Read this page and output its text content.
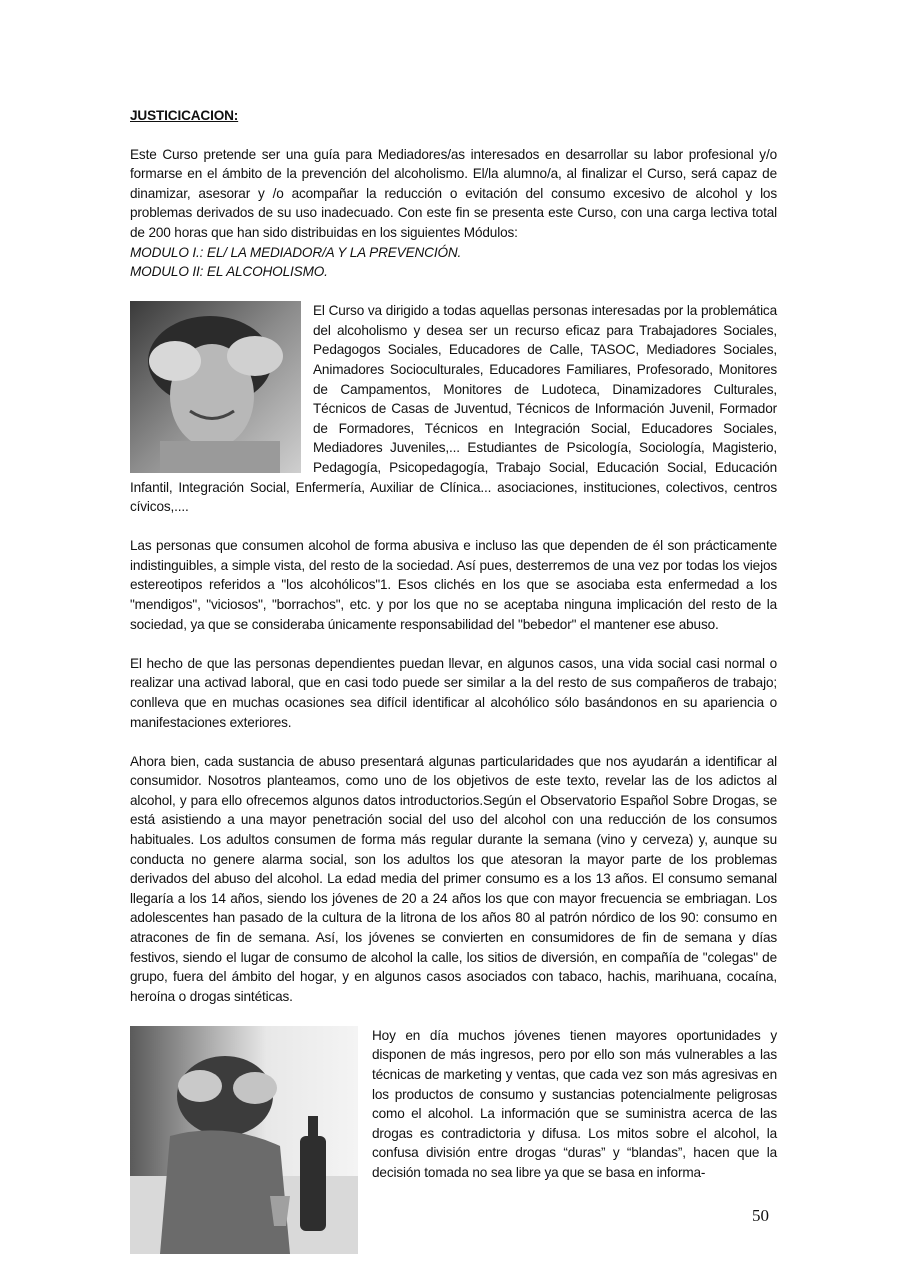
JUSTICICACION:

Este Curso pretende ser una guía para Mediadores/as interesados en desarrollar su labor profesional y/o formarse en el ámbito de la prevención del alcoholismo. El/la alumno/a, al finalizar el Curso, será capaz de dinamizar, asesorar y /o acompañar la reducción o evitación del consumo excesivo de alcohol y los problemas derivados de su uso inadecuado. Con este fin se presenta este Curso, con una carga lectiva total de 200 horas que han sido distribuidas en los siguientes Módulos:

MODULO I.: EL/ LA MEDIADOR/A Y LA PREVENCIÓN.
MODULO II: EL ALCOHOLISMO.
El Curso va dirigido a todas aquellas personas interesadas por la problemática del alcoholismo y desea ser un recurso eficaz para Trabajadores Sociales, Pedagogos Sociales, Educadores de Calle, TASOC, Mediadores Sociales, Animadores Socioculturales, Educadores Familiares, Profesorado, Monitores de Campamentos, Monitores de Ludoteca, Dinamizadores Culturales, Técnicos de Casas de Juventud, Técnicos de Información Juvenil, Formador de Formadores, Técnicos en Integración Social, Educadores Sociales, Mediadores Juveniles,... Estudiantes de Psicología, Sociología, Magisterio, Pedagogía, Psicopedagogía, Trabajo Social, Educación Social, Educación Infantil, Integración Social, Enfermería, Auxiliar de Clínica... asociaciones, instituciones, colectivos, centros cívicos,....

Las personas que consumen alcohol de forma abusiva e incluso las que dependen de él son prácticamente indistinguibles, a simple vista, del resto de la sociedad. Así pues, desterremos de una vez por todas los viejos estereotipos referidos a "los alcohólicos"1. Esos clichés en los que se asociaba esta enfermedad a los "mendigos", "viciosos", "borrachos", etc. y por los que no se aceptaba ninguna implicación del resto de la sociedad, ya que se consideraba únicamente responsabilidad del "bebedor" el mantener ese abuso.

El hecho de que las personas dependientes puedan llevar, en algunos casos, una vida social casi normal o realizar una activad laboral, que en casi todo puede ser similar a la del resto de sus compañeros de trabajo; conlleva que en muchas ocasiones sea difícil identificar al alcohólico sólo basándonos en su apariencia o manifestaciones exteriores.

Ahora bien, cada sustancia de abuso presentará algunas particularidades que nos ayudarán a identificar al consumidor. Nosotros planteamos, como uno de los objetivos de este texto, revelar las de los adictos al alcohol, y para ello ofrecemos algunos datos introductorios.Según el Observatorio Español Sobre Drogas, se está asistiendo a una mayor penetración social del uso del alcohol con una reducción de los consumos habituales. Los adultos consumen de forma más regular durante la semana (vino y cerveza) y, aunque su conducta no genere alarma social, son los adultos los que atesoran la mayor parte de los problemas derivados del abuso del alcohol. La edad media del primer consumo es a los 13 años. El consumo semanal llegaría a los 14 años, siendo los jóvenes de 20 a 24 años los que con mayor frecuencia se embriagan. Los adolescentes han pasado de la cultura de la litrona de los años 80 al patrón nórdico de los 90: consumo en atracones de fin de semana. Así, los jóvenes se convierten en consumidores de fin de semana y días festivos, siendo el lugar de consumo de alcohol la calle, los sitios de diversión, en compañía de "colegas" de grupo, fuera del ámbito del hogar, y en algunos casos asociados con tabaco, hachis, marihuana, cocaína, heroína o drogas sintéticas.

Hoy en día muchos jóvenes tienen mayores oportunidades y disponen de más ingresos, pero por ello son más vulnerables a las técnicas de marketing y ventas, que cada vez son más agresivas en los productos de consumo y sustancias potencialmente peligrosas como el alcohol. La información que se suministra acerca de las drogas es contradictoria y difusa. Los mitos sobre el alcohol, la confusa división entre drogas “duras” y “blandas”, hacen que la decisión tomada no sea libre ya que se basa en informa-
50
